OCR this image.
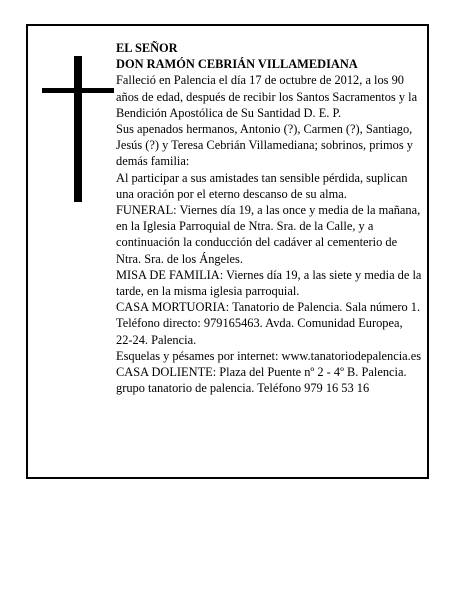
EL SEÑOR

DON RAMÓN CEBRIÁN VILLAMEDIANA

Falleció en Palencia el día 17 de octubre de 2012, a los 90 años de edad, después de recibir los Santos Sacramentos y la Bendición Apostólica de Su Santidad D. E. P.

Sus apenados hermanos, Antonio (?), Carmen (?), Santiago, Jesús (?) y Teresa Cebrián Villamediana; sobrinos, primos y demás familia:

Al participar a sus amistades tan sensible pérdida, suplican una oración por el eterno descanso de su alma.

FUNERAL: Viernes día 19, a las once y media de la mañana, en la Iglesia Parroquial de Ntra. Sra. de la Calle, y a continuación la conducción del cadáver al cementerio de Ntra. Sra. de los Ángeles.

MISA DE FAMILIA: Viernes día 19, a las siete y media de la tarde, en la misma iglesia parroquial.

CASA MORTUORIA: Tanatorio de Palencia. Sala número 1. Teléfono directo: 979165463. Avda. Comunidad Europea, 22-24. Palencia.

Esquelas y pésames por internet: www.tanatoriodepalencia.es

CASA DOLIENTE: Plaza del Puente nº 2 - 4º B. Palencia.

grupo tanatorio de palencia. Teléfono 979 16 53 16
